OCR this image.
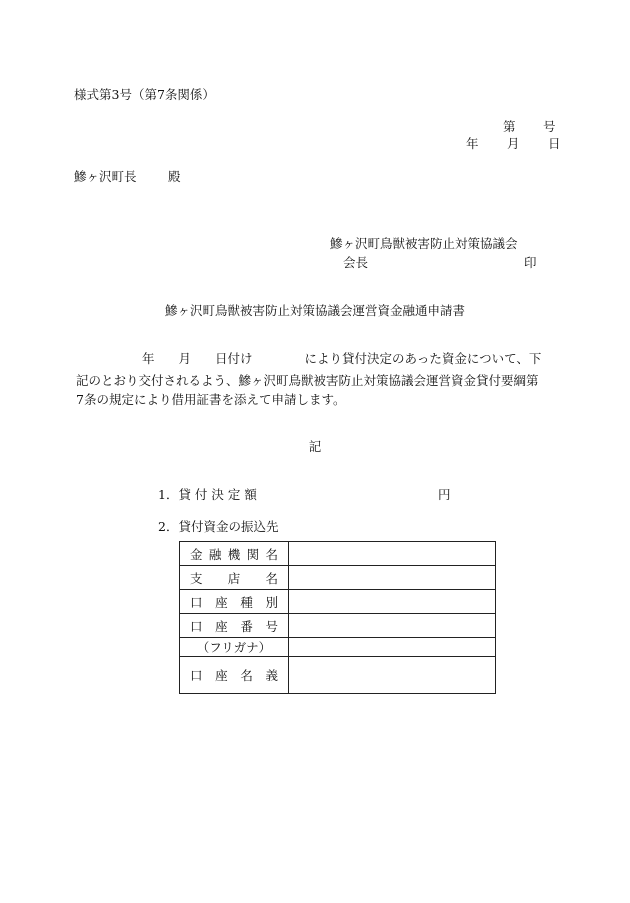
様式第3号（第7条関係）
第 号
年 月 日
鰺ヶ沢町長	殿
鰺ヶ沢町鳥獣被害防止対策協議会
会長	印
鰺ヶ沢町鳥獣被害防止対策協議会運営資金融通申請書
年 月 日付け	により貸付決定のあった資金について、下
記のとおり交付されるよう、鰺ヶ沢町鳥獣被害防止対策協議会運営資金貸付要綱第
7条の規定により借用証書を添えて申請します。
記
1．貸 付 決 定 額	円
2．貸付資金の振込先
金融機関名	
支　店　名	
口 座 種 別	
口 座 番 号	
（フリガナ）	
口 座 名 義	
